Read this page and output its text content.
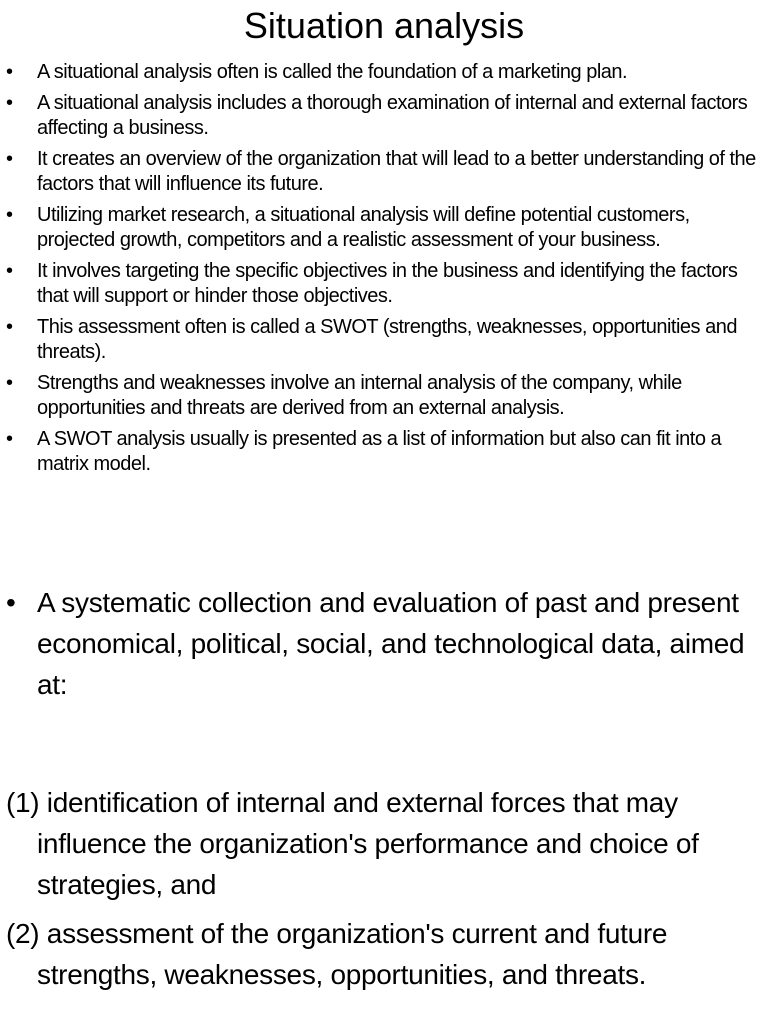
Situation analysis
• A situational analysis often is called the foundation of a marketing plan.
• A situational analysis includes a thorough examination of internal and external factors affecting a business.
• It creates an overview of the organization that will lead to a better understanding of the factors that will influence its future.
• Utilizing market research, a situational analysis will define potential customers, projected growth, competitors and a realistic assessment of your business.
• It involves targeting the specific objectives in the business and identifying the factors that will support or hinder those objectives.
• This assessment often is called a SWOT (strengths, weaknesses, opportunities and threats).
• Strengths and weaknesses involve an internal analysis of the company, while opportunities and threats are derived from an external analysis.
• A SWOT analysis usually is presented as a list of information but also can fit into a matrix model.

• A systematic collection and evaluation of past and present economical, political, social, and technological data, aimed at:

(1) identification of internal and external forces that may influence the organization's performance and choice of strategies, and

(2) assessment of the organization's current and future strengths, weaknesses, opportunities, and threats.
